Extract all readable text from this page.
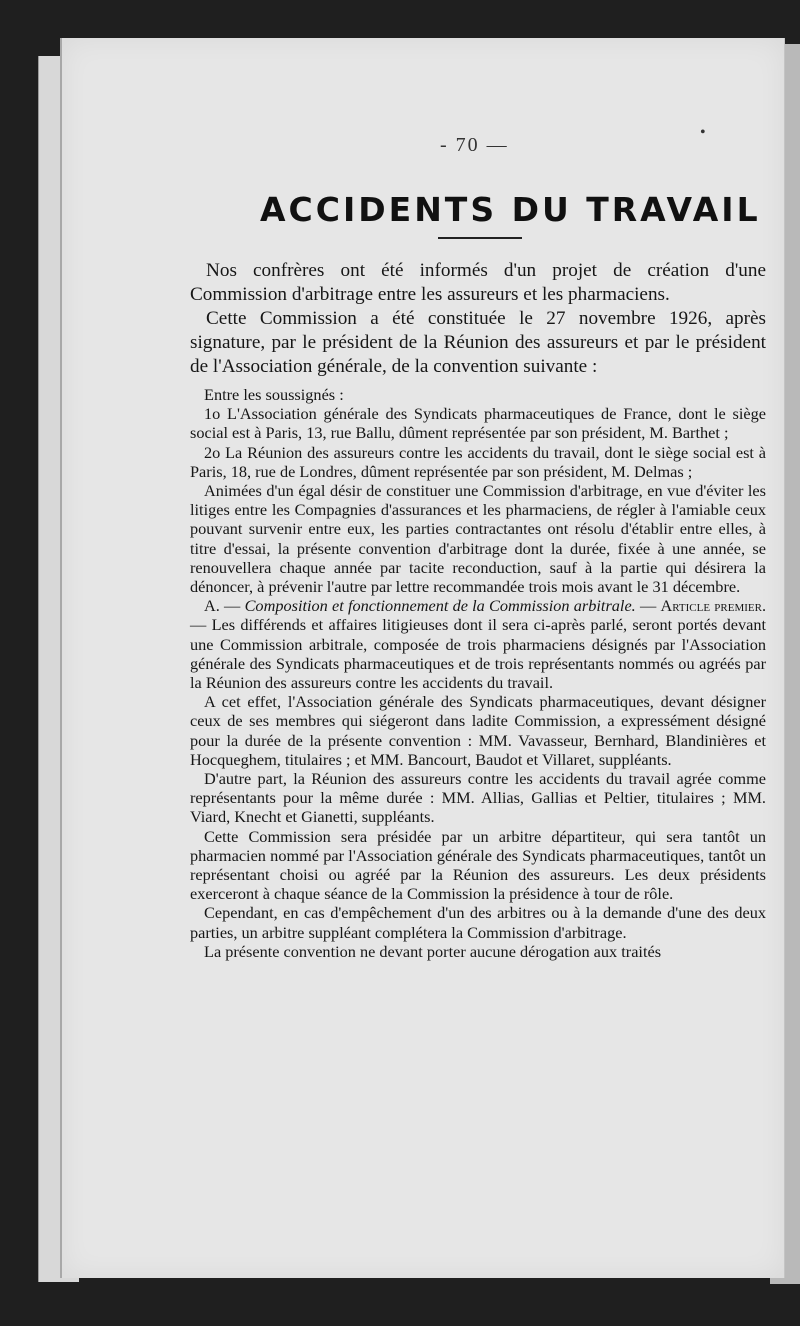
- 70 —
•
ACCIDENTS DU TRAVAIL

Nos confrères ont été informés d'un projet de création d'une Commission d'arbitrage entre les assureurs et les pharmaciens.

Cette Commission a été constituée le 27 novembre 1926, après signature, par le président de la Réunion des assureurs et par le président de l'Association générale, de la convention suivante :

Entre les soussignés :

1o L'Association générale des Syndicats pharmaceutiques de France, dont le siège social est à Paris, 13, rue Ballu, dûment représentée par son président, M. Barthet ;

2o La Réunion des assureurs contre les accidents du travail, dont le siège social est à Paris, 18, rue de Londres, dûment représentée par son président, M. Delmas ;

Animées d'un égal désir de constituer une Commission d'arbitrage, en vue d'éviter les litiges entre les Compagnies d'assurances et les pharmaciens, de régler à l'amiable ceux pouvant survenir entre eux, les parties contractantes ont résolu d'établir entre elles, à titre d'essai, la présente convention d'arbitrage dont la durée, fixée à une année, se renouvellera chaque année par tacite reconduction, sauf à la partie qui désirera la dénoncer, à prévenir l'autre par lettre recommandée trois mois avant le 31 décembre.

A. — Composition et fonctionnement de la Commission arbitrale. — Article premier. — Les différends et affaires litigieuses dont il sera ci-après parlé, seront portés devant une Commission arbitrale, composée de trois pharmaciens désignés par l'Association générale des Syndicats pharmaceutiques et de trois représentants nommés ou agréés par la Réunion des assureurs contre les accidents du travail.

A cet effet, l'Association générale des Syndicats pharmaceutiques, devant désigner ceux de ses membres qui siégeront dans ladite Commission, a expressément désigné pour la durée de la présente convention : MM. Vavasseur, Bernhard, Blandinières et Hocqueghem, titulaires ; et MM. Bancourt, Baudot et Villaret, suppléants.

D'autre part, la Réunion des assureurs contre les accidents du travail agrée comme représentants pour la même durée : MM. Allias, Gallias et Peltier, titulaires ; MM. Viard, Knecht et Gianetti, suppléants.

Cette Commission sera présidée par un arbitre départiteur, qui sera tantôt un pharmacien nommé par l'Association générale des Syndicats pharmaceutiques, tantôt un représentant choisi ou agréé par la Réunion des assureurs. Les deux présidents exerceront à chaque séance de la Commission la présidence à tour de rôle.

Cependant, en cas d'empêchement d'un des arbitres ou à la demande d'une des deux parties, un arbitre suppléant complétera la Commission d'arbitrage.

La présente convention ne devant porter aucune dérogation aux traités
